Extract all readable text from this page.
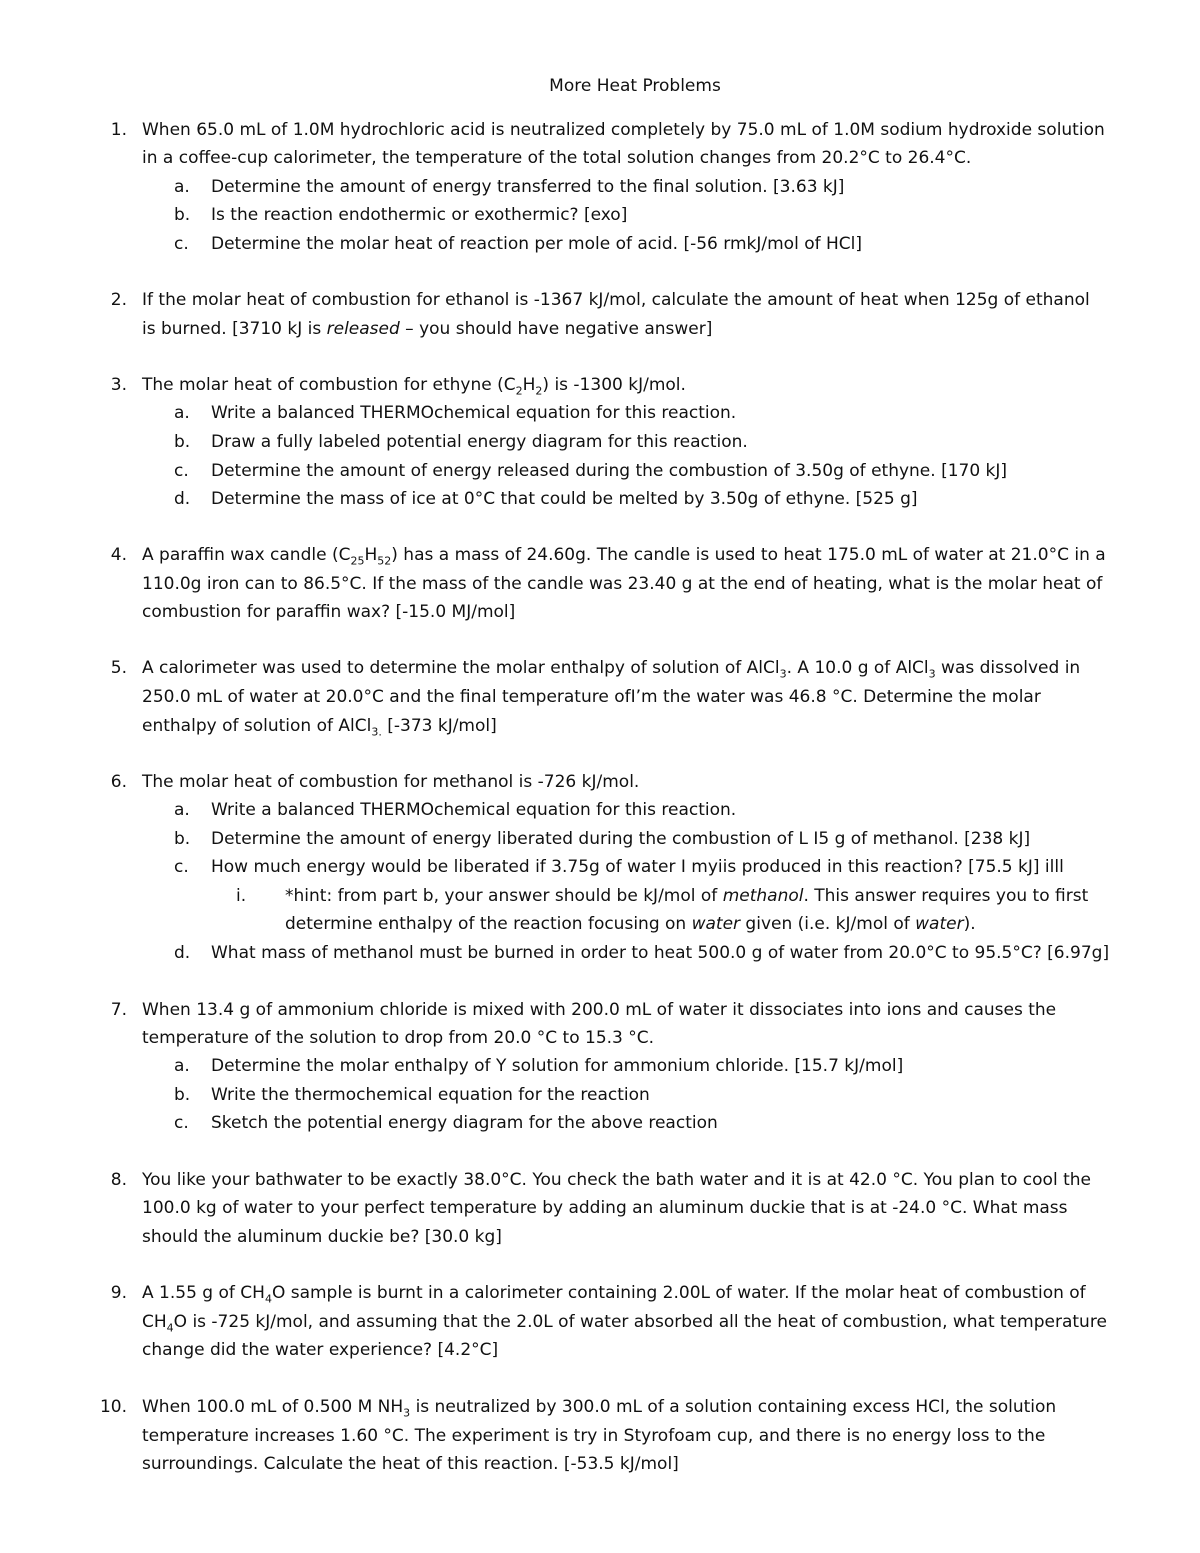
More Heat Problems
1. When 65.0 mL of 1.0M hydrochloric acid is neutralized completely by 75.0 mL of 1.0M sodium hydroxide solution
in a coffee-cup calorimeter, the temperature of the total solution changes from 20.2°C to 26.4°C.
a.	Determine the amount of energy transferred to the final solution. [3.63 kJ]
b.	Is the reaction endothermic or exothermic? [exo]
c.	Determine the molar heat of reaction per mole of acid. [-56 rmkJ/mol of HCl]
2. If the molar heat of combustion for ethanol is -1367 kJ/mol, calculate the amount of heat when 125g of ethanol
is burned. [3710 kJ is released – you should have negative answer]
3. The molar heat of combustion for ethyne $(C_2H_2)$ is -1300 kJ/mol.
a.	Write a balanced THERMOchemical equation for this reaction.
b.	Draw a fully labeled potential energy diagram for this reaction.
c.	Determine the amount of energy released during the combustion of 3.50g of ethyne. [170 kJ]
d.	Determine the mass of ice at 0°C that could be melted by 3.50g of ethyne. [525 g]
4. A paraffin wax candle $(C_{25}H_{52})$ has a mass of 24.60g. The candle is used to heat 175.0 mL of water at 21.0°C in a
110.0g iron can to 86.5°C. If the mass of the candle was 23.40 g at the end of heating, what is the molar heat of
combustion for paraffin wax? [-15.0 MJ/mol]
5. A calorimeter was used to determine the molar enthalpy of solution of AlCl$_3$. A 10.0 g of AlCl$_3$ was dissolved in
250.0 mL of water at 20.0°C and the final temperature ofI’m the water was 46.8 °C. Determine the molar
enthalpy of solution of AlCl$_{3.}$ [-373 kJ/mol]
6. The molar heat of combustion for methanol is -726 kJ/mol.
a.	Write a balanced THERMOchemical equation for this reaction.
b.	Determine the amount of energy liberated during the combustion of L I5 g of methanol. [238 kJ]
c.	How much energy would be liberated if 3.75g of water I myiis produced in this reaction? [75.5 kJ] illl
i.	*hint: from part b, your answer should be kJ/mol of methanol. This answer requires you to first
determine enthalpy of the reaction focusing on water given (i.e. kJ/mol of water).
d.	What mass of methanol must be burned in order to heat 500.0 g of water from 20.0°C to 95.5°C? [6.97g]
7. When 13.4 g of ammonium chloride is mixed with 200.0 mL of water it dissociates into ions and causes the
temperature of the solution to drop from 20.0 °C to 15.3 °C.
a.	Determine the molar enthalpy of Y solution for ammonium chloride. [15.7 kJ/mol]
b.	Write the thermochemical equation for the reaction
c.	Sketch the potential energy diagram for the above reaction
8. You like your bathwater to be exactly 38.0°C. You check the bath water and it is at 42.0 °C. You plan to cool the
100.0 kg of water to your perfect temperature by adding an aluminum duckie that is at -24.0 °C. What mass
should the aluminum duckie be? [30.0 kg]
9. A 1.55 g of $CH_4O$ sample is burnt in a calorimeter containing 2.00L of water. If the molar heat of combustion of
$CH_4O$ is -725 kJ/mol, and assuming that the 2.0L of water absorbed all the heat of combustion, what temperature
change did the water experience? [4.2°C]
10. When 100.0 mL of 0.500 M $NH_3$ is neutralized by 300.0 mL of a solution containing excess HCl, the solution
temperature increases 1.60 °C. The experiment is try in Styrofoam cup, and there is no energy loss to the
surroundings. Calculate the heat of this reaction. [-53.5 kJ/mol]
